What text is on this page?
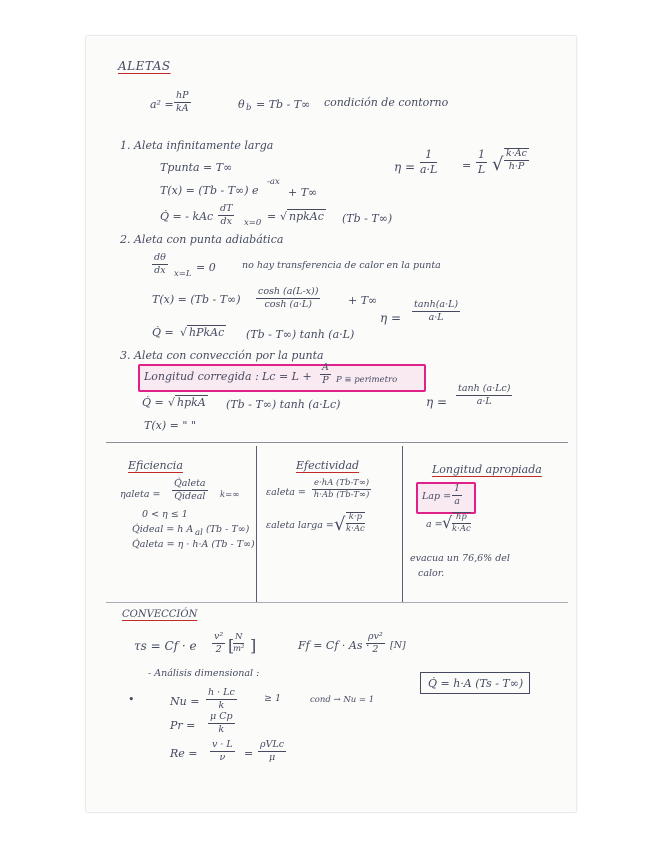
ALETAS
$a^2 = \frac{hP}{kA}$	θ b = Tb - T∞ condición de contorno
1. Aleta infinitamente larga
Tpunta = T∞
T(x) = (Tb - T∞) e
-ax
+ T∞
Q̇ = - kAc $\frac{dT}{dx} x=0$ = √ npkAc (Tb - T∞)
$\eta = \frac{1}{a\cdot L} = \frac{1}{L}$ √ $\frac{k\cdot Ac}{h\cdot P}$
2. Aleta con punta adiabática
$\frac{d\theta}{dx} x=L = 0$	no hay transferencia de calor en la punta
$T(x) = (Tb - T\infty) \frac{\cosh (a(L-x))}{\cosh (a\cdot L)}$	+ T∞
Q̇ = √ hPkAc (Tb - T∞) tanh (a·L)
$\eta = \frac{\tanh(a\cdot L)}{a\cdot L}$
3. Aleta con convección por la punta
Longitud corregida : $Lc = L + \frac{A}{P}$ P ≡ perimetro
Q̇ = √ hpkA (Tb - T∞) tanh (a·Lc)
T(x) = " "
$\eta = \frac{\tanh (a\cdot Lc)}{a\cdot L}$
Eficiencia
ηaleta =
Q̇aleta
Q̇ideal k=∞
0 < η ≤ 1
Q̇ideal = h A al (Tb - T∞)
Q̇aleta = η · h·A (Tb - T∞)
Efectividad
εaleta = $\frac{e\cdot hA (Tb-T\infty)}{h\cdot Ab (Tb-T\infty)}$
εaleta larga = √ $\frac{k\cdot p}{k\cdot Ac}$
Longitud apropiada
Lap = $\frac{1}{a}$
a = √ $\frac{hp}{k\cdot Ac}$
evacua un 76,6% del
calor.
CONVECCIÓN
τs = Cf · e $\frac{\text{v²}}{2}$ [
$\frac{N}{\text{m²}}$ ]	Ff = Cf · As ·
$\frac{\text{ρv²}}{2} [N]$
- Análisis dimensional :
•	$Nu = \frac{h \cdot Lc}{k}$	≥ 1	cond → Nu = 1
Q̇ = h·A (Ts - T∞)
$Pr = \frac{\text{μ Cp}}{k}$
$Re = \frac{v \cdot L}{\nu}$ =
ρVLc
μ
